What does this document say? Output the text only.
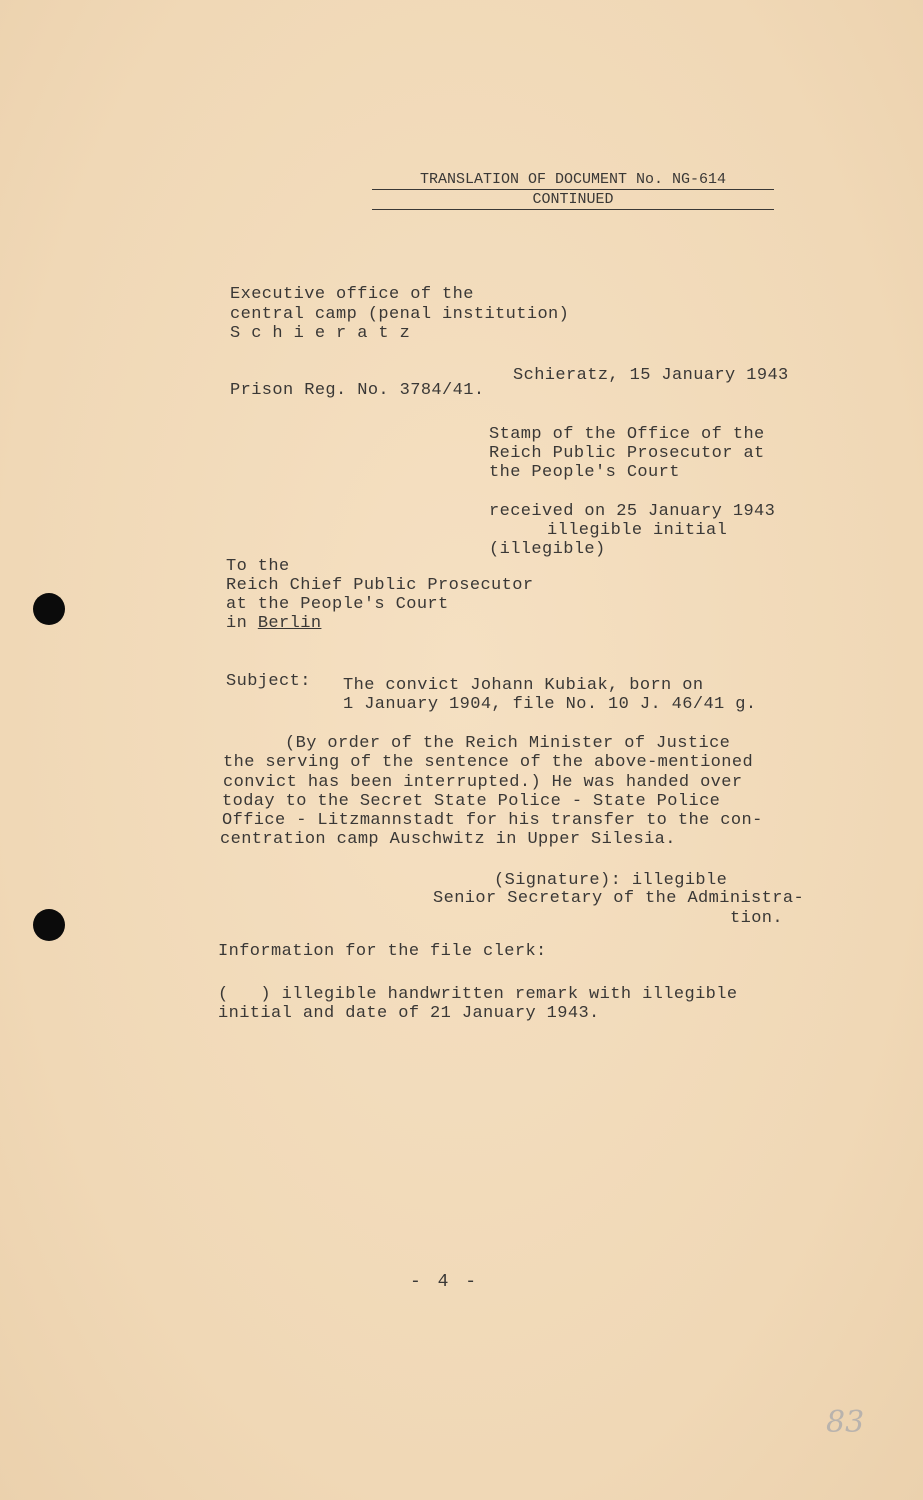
TRANSLATION OF DOCUMENT No. NG-614
CONTINUED
Executive office of the
central camp (penal institution)
S c h i e r a t z
Schieratz, 15 January 1943
Prison Reg. No. 3784/41.
Stamp of the Office of the
Reich Public Prosecutor at
the People's Court
received on 25 January 1943
illegible initial
(illegible)
To the
Reich Chief Public Prosecutor
at the People's Court
in Berlin
Subject: The convict Johann Kubiak, born on
1 January 1904, file No. 10 J. 46/41 g.
(By order of the Reich Minister of Justice
the serving of the sentence of the above-mentioned
convict has been interrupted.) He was handed over
today to the Secret State Police - State Police
Office - Litzmannstadt for his transfer to the con-
centration camp Auschwitz in Upper Silesia.
(Signature): illegible
Senior Secretary of the Administra-
tion.
Information for the file clerk:
(   ) illegible handwritten remark with illegible
initial and date of 21 January 1943.
- 4 -
83
